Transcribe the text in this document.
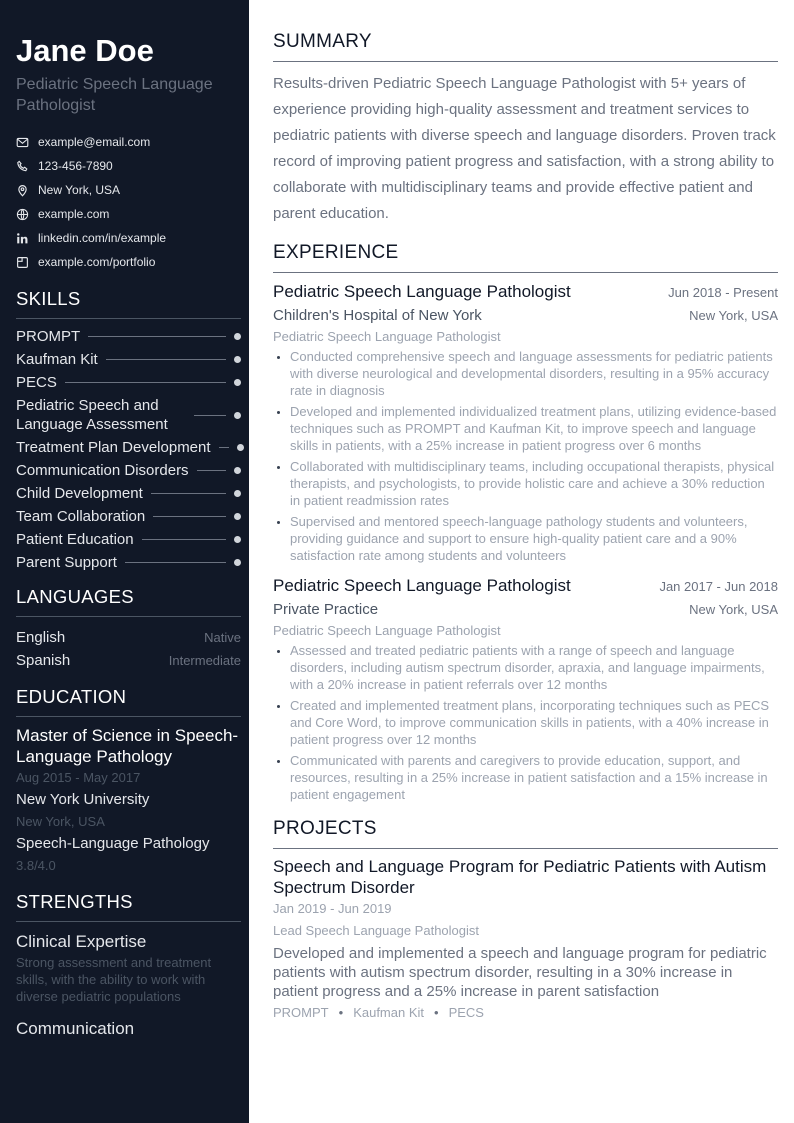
Jane Doe
Pediatric Speech Language Pathologist
example@email.com
123-456-7890
New York, USA
example.com
linkedin.com/in/example
example.com/portfolio
SKILLS
PROMPT
Kaufman Kit
PECS
Pediatric Speech and Language Assessment
Treatment Plan Development
Communication Disorders
Child Development
Team Collaboration
Patient Education
Parent Support
LANGUAGES
English	Native
Spanish	Intermediate
EDUCATION
Master of Science in Speech-Language Pathology
Aug 2015 - May 2017
New York University
New York, USA
Speech-Language Pathology
3.8/4.0
STRENGTHS
Clinical Expertise
Strong assessment and treatment skills, with the ability to work with diverse pediatric populations
Communication
SUMMARY
Results-driven Pediatric Speech Language Pathologist with 5+ years of experience providing high-quality assessment and treatment services to pediatric patients with diverse speech and language disorders. Proven track record of improving patient progress and satisfaction, with a strong ability to collaborate with multidisciplinary teams and provide effective patient and parent education.
EXPERIENCE
Pediatric Speech Language Pathologist	Jun 2018 - Present
Children's Hospital of New York	New York, USA
Pediatric Speech Language Pathologist
• Conducted comprehensive speech and language assessments for pediatric patients with diverse neurological and developmental disorders, resulting in a 95% accuracy rate in diagnosis
• Developed and implemented individualized treatment plans, utilizing evidence-based techniques such as PROMPT and Kaufman Kit, to improve speech and language skills in patients, with a 25% increase in patient progress over 6 months
• Collaborated with multidisciplinary teams, including occupational therapists, physical therapists, and psychologists, to provide holistic care and achieve a 30% reduction in patient readmission rates
• Supervised and mentored speech-language pathology students and volunteers, providing guidance and support to ensure high-quality patient care and a 90% satisfaction rate among students and volunteers
Pediatric Speech Language Pathologist	Jan 2017 - Jun 2018
Private Practice	New York, USA
Pediatric Speech Language Pathologist
• Assessed and treated pediatric patients with a range of speech and language disorders, including autism spectrum disorder, apraxia, and language impairments, with a 20% increase in patient referrals over 12 months
• Created and implemented treatment plans, incorporating techniques such as PECS and Core Word, to improve communication skills in patients, with a 40% increase in patient progress over 12 months
• Communicated with parents and caregivers to provide education, support, and resources, resulting in a 25% increase in patient satisfaction and a 15% increase in patient engagement
PROJECTS
Speech and Language Program for Pediatric Patients with Autism Spectrum Disorder
Jan 2019 - Jun 2019
Lead Speech Language Pathologist
Developed and implemented a speech and language program for pediatric patients with autism spectrum disorder, resulting in a 30% increase in patient progress and a 25% increase in parent satisfaction
PROMPT • Kaufman Kit • PECS
